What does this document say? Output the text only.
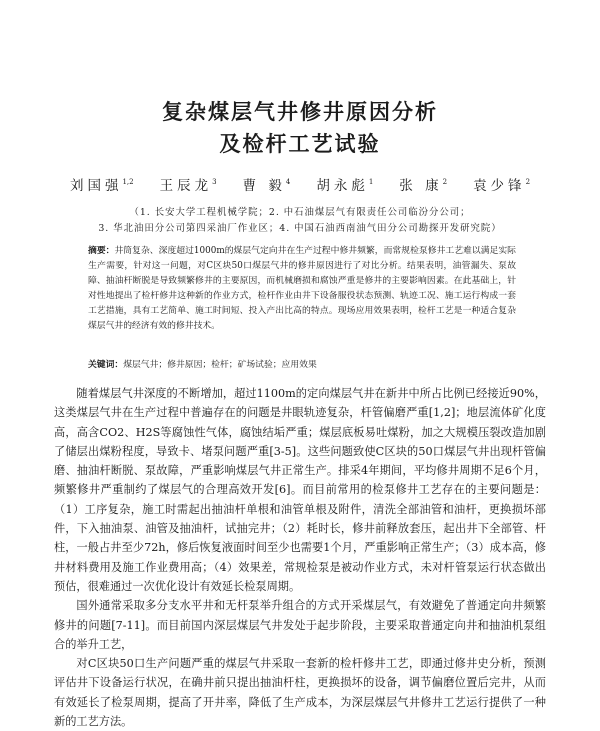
复杂煤层气井修井原因分析
及检杆工艺试验
刘国强$^{1,2}$ 王辰龙$^3$ 曹 毅$^4$ 胡永彪$^1$ 张 康$^2$ 袁少锋$^2$

（1. 长安大学工程机械学院；2. 中石油煤层气有限责任公司临汾分公司；

3. 华北油田分公司第四采油厂作业区；4. 中国石油西南油气田分公司勘探开发研究院）

摘要：井筒复杂、深度超过1000m的煤层气定向井在生产过程中修井频繁，而常规检泵修井工艺难以满足实际生产需要，针对这一问题，对C区块50口煤层气井的修井原因进行了对比分析。结果表明，油管漏失、泵故障、抽油杆断脱是导致频繁修井的主要原因，而机械磨损和腐蚀严重是修井的主要影响因素。在此基础上，针对性地提出了检杆修井这种新的作业方式，检杆作业由井下设备服役状态预测、轨迹工况、施工运行构成一套工艺措施，具有工艺简单、施工时间短、投入产出比高的特点。现场应用效果表明，检杆工艺是一种适合复杂煤层气井的经济有效的修井技术。

关键词：煤层气井；修井原因；检杆；矿场试验；应用效果

随着煤层气井深度的不断增加，超过1100m的定向煤层气井在新井中所占比例已经接近90%，这类煤层气井在生产过程中普遍存在的问题是井眼轨迹复杂，杆管偏磨严重[1,2]；地层流体矿化度高，高含CO2、H2S等腐蚀性气体，腐蚀结垢严重；煤层底板易吐煤粉，加之大规模压裂改造加剧了储层出煤粉程度，导致卡、堵泵问题严重[3-5]。这些问题致使C区块的50口煤层气井出现杆管偏磨、抽油杆断脱、泵故障，严重影响煤层气井正常生产。排采4年期间，平均修井周期不足6个月，频繁修井严重制约了煤层气的合理高效开发[6]。而目前常用的检泵修井工艺存在的主要问题是：（1）工序复杂，施工时需起出抽油杆单根和油管单根及附件，清洗全部油管和油杆，更换损坏部件，下入抽油泵、油管及抽油杆，试抽完井；（2）耗时长，修井前释放套压，起出井下全部管、杆柱，一般占井至少72h，修后恢复液面时间至少也需要1个月，严重影响正常生产；（3）成本高，修井材料费用及施工作业费用高；（4）效果差，常规检泵是被动作业方式，未对杆管泵运行状态做出预估，很难通过一次优化设计有效延长检泵周期。

国外通常采取多分支水平井和无杆泵举升组合的方式开采煤层气，有效避免了普通定向井频繁修井的问题[7-11]。而目前国内深层煤层气井发处于起步阶段，主要采取普通定向井和抽油机泵组合的举升工艺，

对C区块50口生产问题严重的煤层气井采取一套新的检杆修井工艺，即通过修井史分析，预测评估井下设备运行状况，在确井前只提出抽油杆柱，更换损坏的设备，调节偏磨位置后完井，从而有效延长了检泵周期，提高了开井率，降低了生产成本，为深层煤层气井修井工艺运行提供了一种新的工艺方法。
